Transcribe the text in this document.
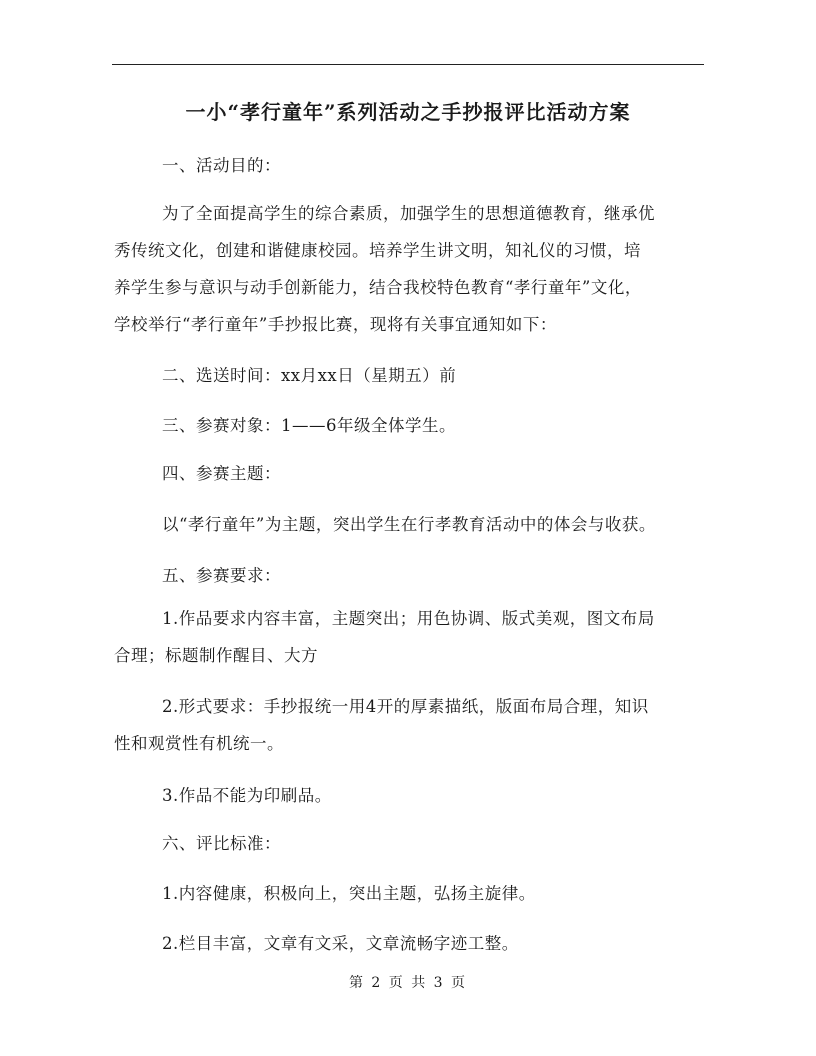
一小“孝行童年”系列活动之手抄报评比活动方案
一、活动目的：
为了全面提高学生的综合素质，加强学生的思想道德教育，继承优
秀传统文化，创建和谐健康校园。培养学生讲文明，知礼仪的习惯，培
养学生参与意识与动手创新能力，结合我校特色教育“孝行童年”文化，
学校举行“孝行童年”手抄报比赛，现将有关事宜通知如下：
二、选送时间：xx月xx日（星期五）前
三、参赛对象：1——6年级全体学生。
四、参赛主题：
以“孝行童年”为主题，突出学生在行孝教育活动中的体会与收获。
五、参赛要求：
1.作品要求内容丰富，主题突出；用色协调、版式美观，图文布局
合理；标题制作醒目、大方
2.形式要求：手抄报统一用4开的厚素描纸，版面布局合理，知识
性和观赏性有机统一。
3.作品不能为印刷品。
六、评比标准：
1.内容健康，积极向上，突出主题，弘扬主旋律。
2.栏目丰富，文章有文采，文章流畅字迹工整。
第 2 页 共 3 页
